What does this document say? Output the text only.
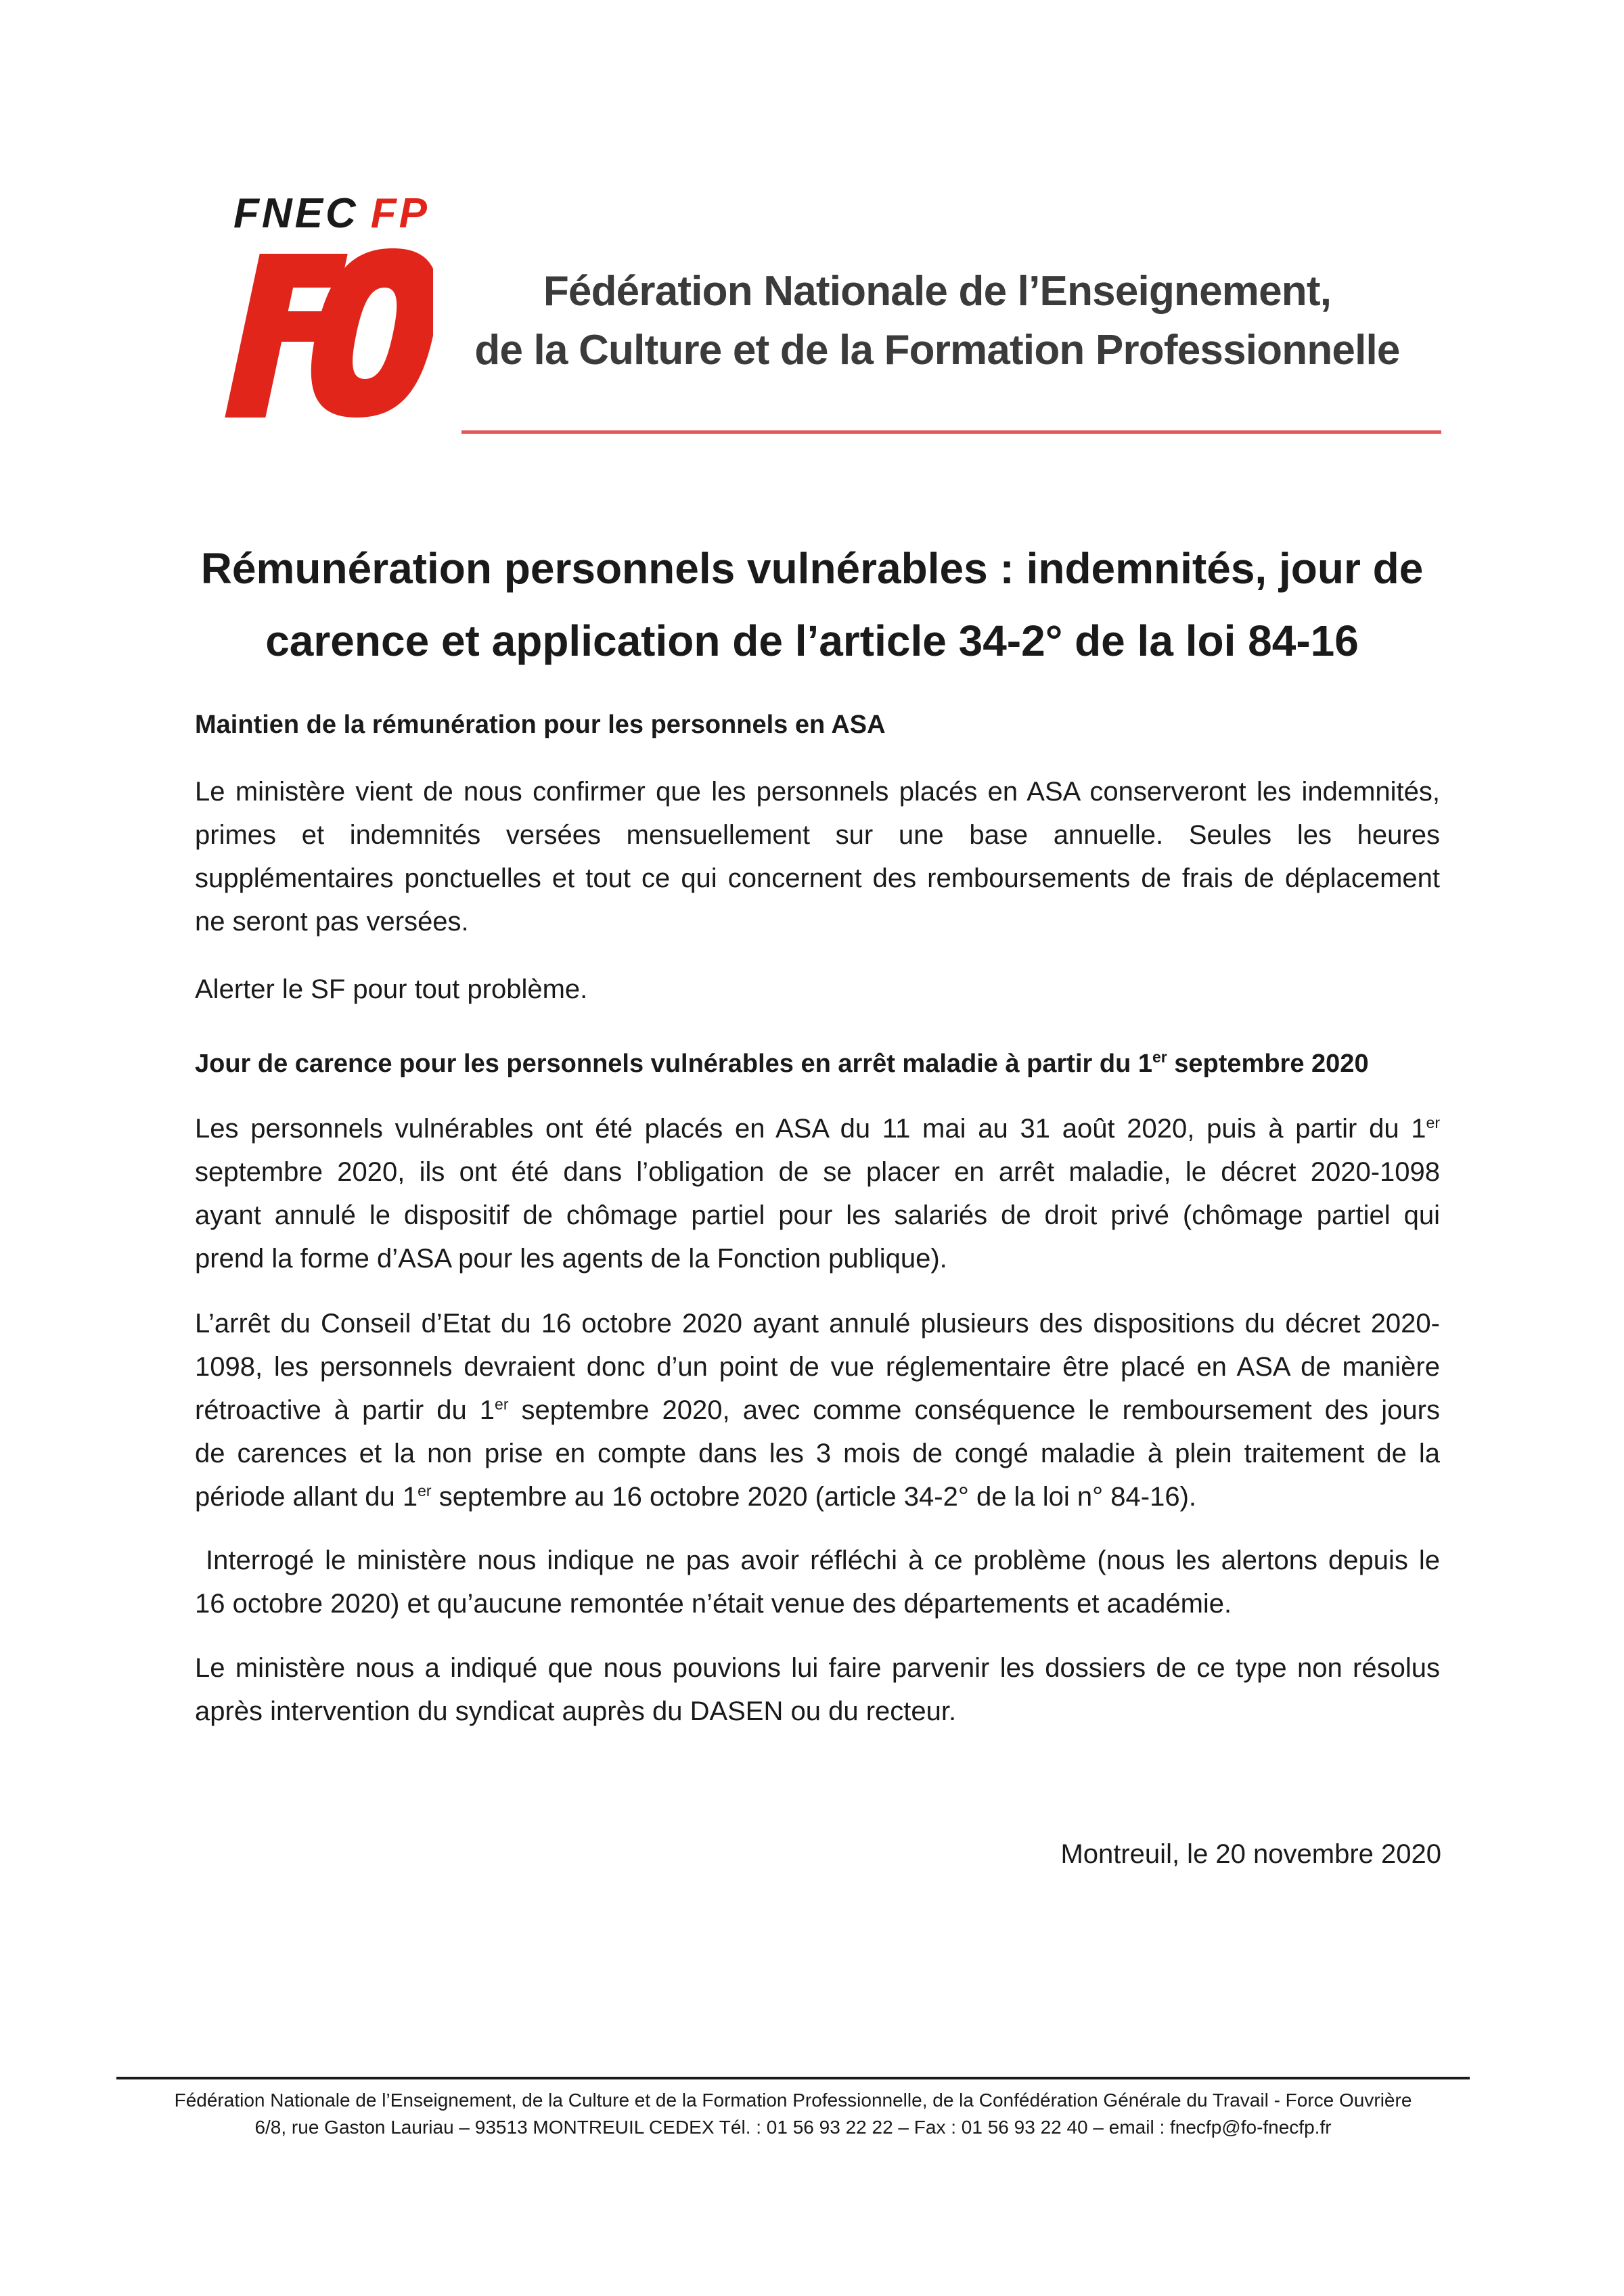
FNEC FP
Fédération Nationale de l’Enseignement,
de la Culture et de la Formation Professionnelle
Rémunération personnels vulnérables : indemnités, jour de
carence et application de l’article 34-2° de la loi 84-16
Maintien de la rémunération pour les personnels en ASA
Le ministère vient de nous confirmer que les personnels placés en ASA conserveront les indemnités,
primes et indemnités versées mensuellement sur une base annuelle. Seules les heures
supplémentaires ponctuelles et tout ce qui concernent des remboursements de frais de déplacement
ne seront pas versées.
Alerter le SF pour tout problème.
Jour de carence pour les personnels vulnérables en arrêt maladie à partir du 1er septembre 2020
Les personnels vulnérables ont été placés en ASA du 11 mai au 31 août 2020, puis à partir du 1er
septembre 2020, ils ont été dans l’obligation de se placer en arrêt maladie, le décret 2020-1098
ayant annulé le dispositif de chômage partiel pour les salariés de droit privé (chômage partiel qui
prend la forme d’ASA pour les agents de la Fonction publique).
L’arrêt du Conseil d’Etat du 16 octobre 2020 ayant annulé plusieurs des dispositions du décret 2020-
1098, les personnels devraient donc d’un point de vue réglementaire être placé en ASA de manière
rétroactive à partir du 1er septembre 2020, avec comme conséquence le remboursement des jours
de carences et la non prise en compte dans les 3 mois de congé maladie à plein traitement de la
période allant du 1er septembre au 16 octobre 2020 (article 34-2° de la loi n° 84-16).
Interrogé le ministère nous indique ne pas avoir réfléchi à ce problème (nous les alertons depuis le
16 octobre 2020) et qu’aucune remontée n’était venue des départements et académie.
Le ministère nous a indiqué que nous pouvions lui faire parvenir les dossiers de ce type non résolus
après intervention du syndicat auprès du DASEN ou du recteur.
Montreuil, le 20 novembre 2020
Fédération Nationale de l’Enseignement, de la Culture et de la Formation Professionnelle, de la Confédération Générale du Travail - Force Ouvrière
6/8, rue Gaston Lauriau – 93513 MONTREUIL CEDEX Tél. : 01 56 93 22 22 – Fax : 01 56 93 22 40 – email : fnecfp@fo-fnecfp.fr
